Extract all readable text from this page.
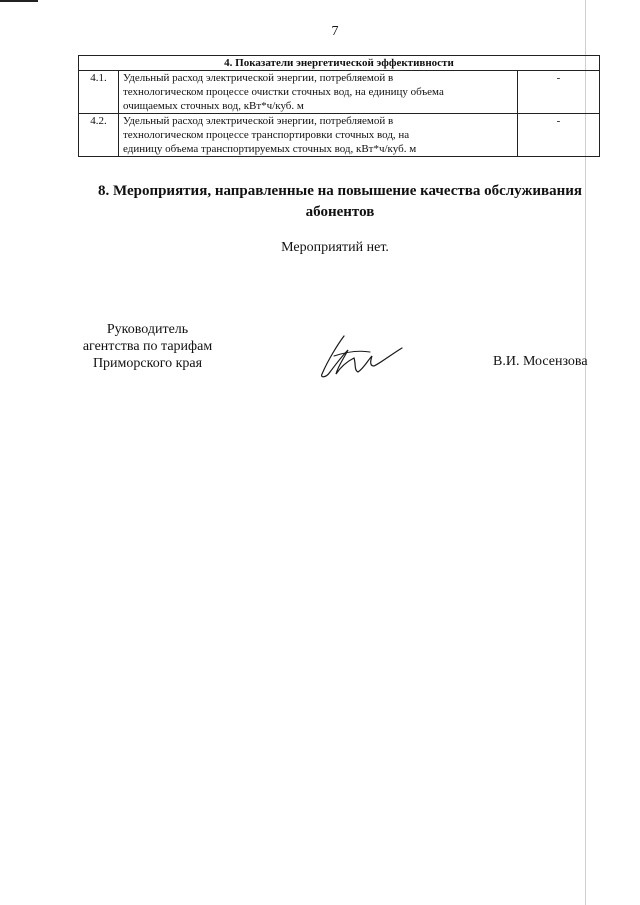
7
4. Показатели энергетической эффективности		
4.1.	Удельный расход электрической энергии, потребляемой в
технологическом процессе очистки сточных вод, на единицу объема
очищаемых сточных вод, кВт*ч/куб. м	-
4.2.	Удельный расход электрической энергии, потребляемой в
технологическом процессе транспортировки сточных вод, на
единицу объема транспортируемых сточных вод, кВт*ч/куб. м	-
8. Мероприятия, направленные на повышение качества обслуживания
абонентов
Мероприятий нет.
Руководитель
агентства по тарифам
Приморского края	В.И. Мосензова
